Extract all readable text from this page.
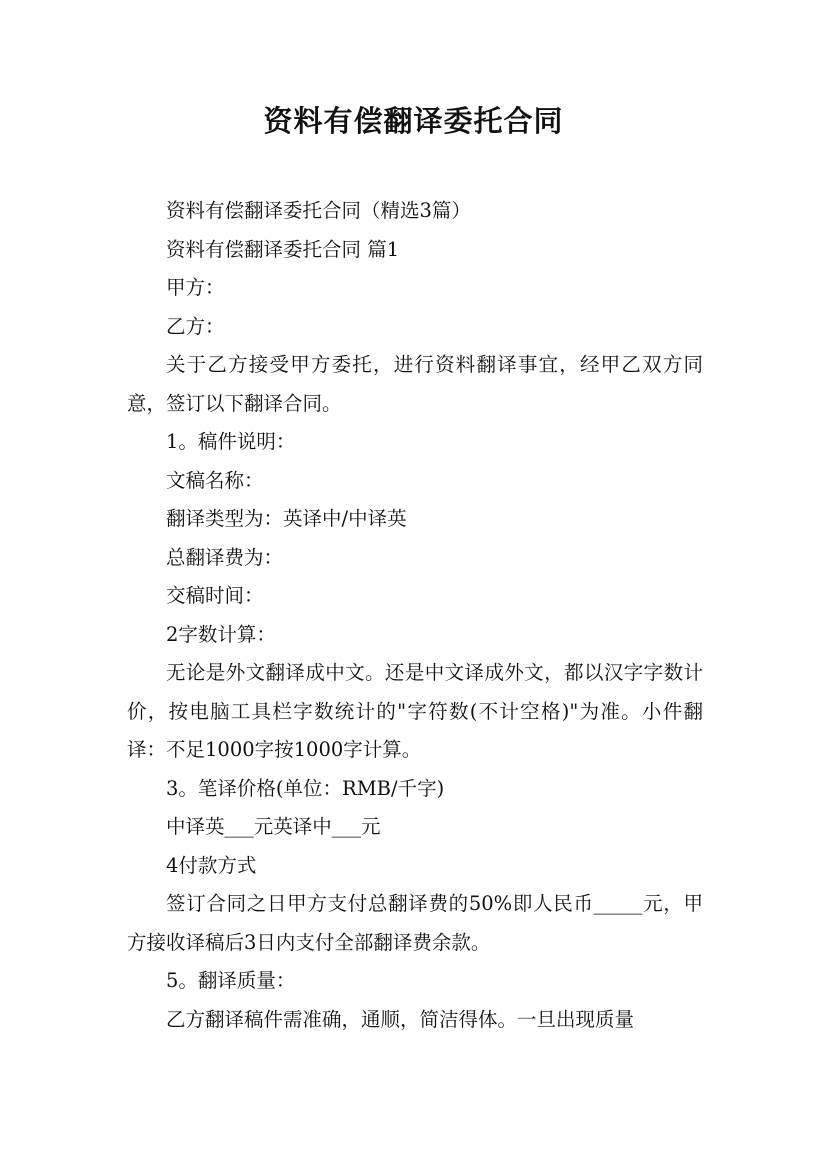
资料有偿翻译委托合同

资料有偿翻译委托合同（精选3篇）

资料有偿翻译委托合同 篇1

甲方：

乙方：

关于乙方接受甲方委托，进行资料翻译事宜，经甲乙双方同意，签订以下翻译合同。

1。稿件说明：

文稿名称：

翻译类型为：英译中/中译英

总翻译费为：

交稿时间：

2字数计算：

无论是外文翻译成中文。还是中文译成外文，都以汉字字数计价，按电脑工具栏字数统计的"字符数(不计空格)"为准。小件翻译：不足1000字按1000字计算。

3。笔译价格(单位：RMB/千字)

中译英___元英译中___元

4付款方式

签订合同之日甲方支付总翻译费的50%即人民币_____元，甲方接收译稿后3日内支付全部翻译费余款。

5。翻译质量：

乙方翻译稿件需准确，通顺，简洁得体。一旦出现质量
